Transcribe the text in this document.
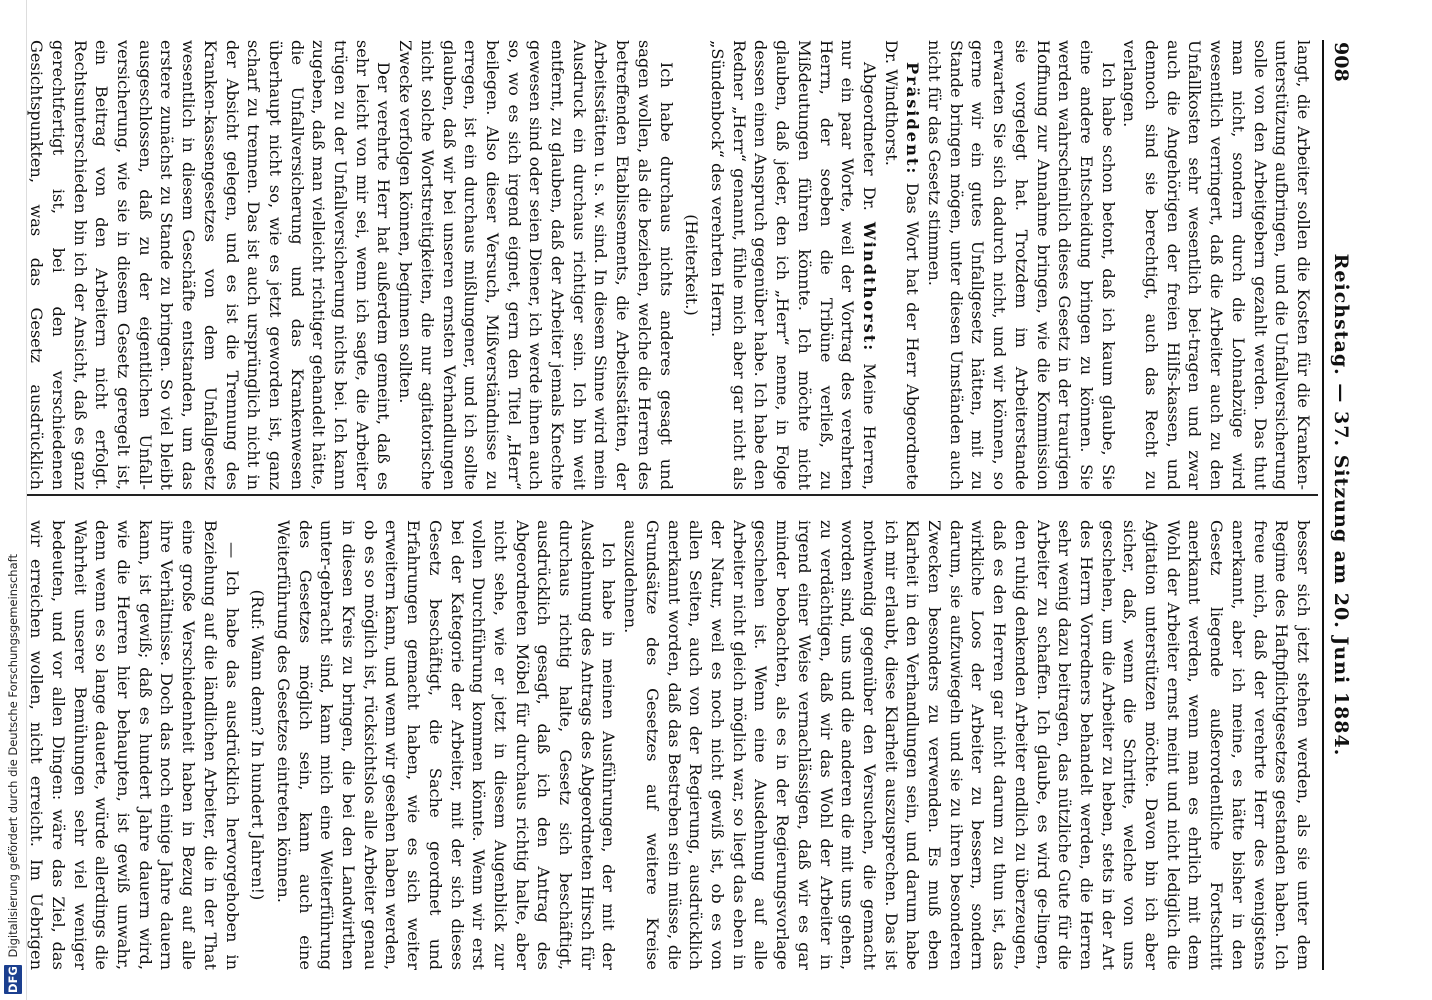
908
Reichstag. — 37. Sitzung am 20. Juni 1884.

langt, die Arbeiter sollen die Kosten für die Kranken-unterstützung aufbringen, und die Unfallversicherung solle von den Arbeitgebern gezahlt werden. Das thut man nicht, sondern durch die Lohnabzüge wird wesentlich verringert, daß die Arbeiter auch zu den Unfallkosten sehr wesentlich bei-tragen und zwar auch die Angehörigen der freien Hilfs-kassen, und dennoch sind sie berechtigt, auch das Recht zu verlangen.

Ich habe schon betont, daß ich kaum glaube, Sie eine andere Entscheidung bringen zu können. Sie werden wahrscheinlich dieses Gesetz in der traurigen Hoffnung zur Annahme bringen, wie die Kommission sie vorgelegt hat. Trotzdem im Arbeiterstande erwarten Sie sich dadurch nicht, und wir können, so gerne wir ein gutes Unfallgesetz hätten, mit zu Stande bringen mögen, unter diesen Umständen auch nicht für das Gesetz stimmen.

Präsident: Das Wort hat der Herr Abgeordnete Dr. Windthorst.

Abgeordneter Dr. Windthorst: Meine Herren, nur ein paar Worte, weil der Vortrag des verehrten Herrn, der soeben die Tribüne verließ, zu Mißdeutungen führen könnte. Ich möchte nicht glauben, daß jeder, den ich „Herr“ nenne, in Folge dessen einen Anspruch gegenüber habe. Ich habe den Redner „Herr“ genannt, fühle mich aber gar nicht als „Sündenbock“ des verehrten Herrn.

(Heiterkeit.)

Ich habe durchaus nichts anderes gesagt und sagen wollen, als die beziehen, welche die Herren des betreffenden Etablissements, die Arbeitsstätten, der Arbeitsstätten u. s. w. sind. In diesem Sinne wird mein Ausdruck ein durchaus richtiger sein. Ich bin weit entfernt, zu glauben, daß der Arbeiter jemals Knechte gewesen sind oder seien Diener, ich werde ihnen auch so, wo es sich irgend eignet, gern den Titel „Herr“ beilegen. Also dieser Versuch, Mißverständnisse zu erregen, ist ein durchaus mißlungener, und ich sollte glauben, daß wir bei unseren ernsten Verhandlungen nicht solche Wortstreitigkeiten, die nur agitatorische Zwecke verfolgen können, beginnen sollten.

Der verehrte Herr hat außerdem gemeint, daß es sehr leicht von mir sei, wenn ich sagte, die Arbeiter trügen zu der Unfallversicherung nichts bei. Ich kann zugeben, daß man vielleicht richtiger gehandelt hätte, die Unfallversicherung und das Krankenwesen überhaupt nicht so, wie es jetzt geworden ist, ganz scharf zu trennen. Das ist auch ursprünglich nicht in der Absicht gelegen, und es ist die Trennung des Kranken-kassengesetzes von dem Unfallgesetz wesentlich in diesem Geschäfte entstanden, um das erstere zunächst zu Stande zu bringen. So viel bleibt ausgeschlossen, daß zu der eigentlichen Unfall-versicherung, wie sie in diesem Gesetz geregelt ist, ein Beitrag von den Arbeitern nicht erfolgt. Rechtsunterschieden bin ich der Ansicht, daß es ganz gerechtfertigt ist, bei den verschiedenen Gesichtspunkten, was das Gesetz ausdrücklich

besser sich jetzt stehen werden, als sie unter dem Regime des Haftpflichtgesetzes gestanden haben. Ich freue mich, daß der verehrte Herr des wenigstens anerkannt, aber ich meine, es hätte bisher in den Gesetz liegende außerordentliche Fortschritt anerkannt werden, wenn man es ehrlich mit dem Wohl der Arbeiter ernst meint und nicht lediglich die Agitation unterstützen möchte. Davon bin ich aber sicher, daß, wenn die Schritte, welche von uns geschehen, um die Arbeiter zu heben, stets in der Art des Herrn Vorredners behandelt werden, die Herren sehr wenig dazu beitragen, das nützliche Gute für die Arbeiter zu schaffen. Ich glaube, es wird ge-lingen, den ruhig denkenden Arbeiter endlich zu überzeugen, daß es den Herren gar nicht darum zu thun ist, das wirkliche Loos der Arbeiter zu bessern, sondern darum, sie aufzuwiegeln und sie zu ihren besonderen Zwecken besonders zu verwenden. Es muß eben Klarheit in den Verhandlungen sein, und darum habe ich mir erlaubt, diese Klarheit auszusprechen. Das ist nothwendig gegenüber den Versuchen, die gemacht worden sind, uns und die anderen die mit uns gehen, zu verdächtigen, daß wir das Wohl der Arbeiter in irgend einer Weise vernachlässigen, daß wir es gar minder beobachten, als es in der Regierungsvorlage geschehen ist. Wenn eine Ausdehnung auf alle Arbeiter nicht gleich möglich war, so liegt das eben in der Natur, weil es noch nicht gewiß ist, ob es von allen Seiten, auch von der Regierung, ausdrücklich anerkannt worden, daß das Bestreben sein müsse, die Grundsätze des Gesetzes auf weitere Kreise auszudehnen.

Ich habe in meinen Ausführungen, der mit der Ausdehnung des Antrags des Abgeordneten Hirsch für durchaus richtig halte, Gesetz sich beschäftigt, ausdrücklich gesagt, daß ich den Antrag des Abgeordneten Möbel für durchaus richtig halte, aber nicht sehe, wie er jetzt in diesem Augenblick zur vollen Durchführung kommen könnte. Wenn wir erst bei der Kategorie der Arbeiter, mit der sich dieses Gesetz beschäftigt, die Sache geordnet und Erfahrungen gemacht haben, wie es sich weiter erweitern kann, und wenn wir gesehen haben werden, ob es so möglich ist, rücksichtslos alle Arbeiter genau in diesen Kreis zu bringen, die bei den Landwirthen unter-gebracht sind, kann mich eine Weiterführung des Gesetzes möglich sein, kann auch eine Weiterführung des Gesetzes eintreten können.

(Ruf: Wann denn? In hundert Jahren!)

— Ich habe das ausdrücklich hervorgehoben in Beziehung auf die ländlichen Arbeiter, die in der That eine große Verschiedenheit haben in Bezug auf alle ihre Verhältnisse. Doch das noch einige Jahre dauern kann, ist gewiß; daß es hundert Jahre dauern wird, wie die Herren hier behaupten, ist gewiß unwahr, denn wenn es so lange dauerte, würde allerdings die Wahrheit unserer Bemühungen sehr viel weniger bedeuten, und vor allen Dingen: wäre das Ziel, das wir erreichen wollen, nicht erreicht. Im Uebrigen

DFG Digitalisierung gefördert durch die Deutsche Forschungsgemeinschaft
